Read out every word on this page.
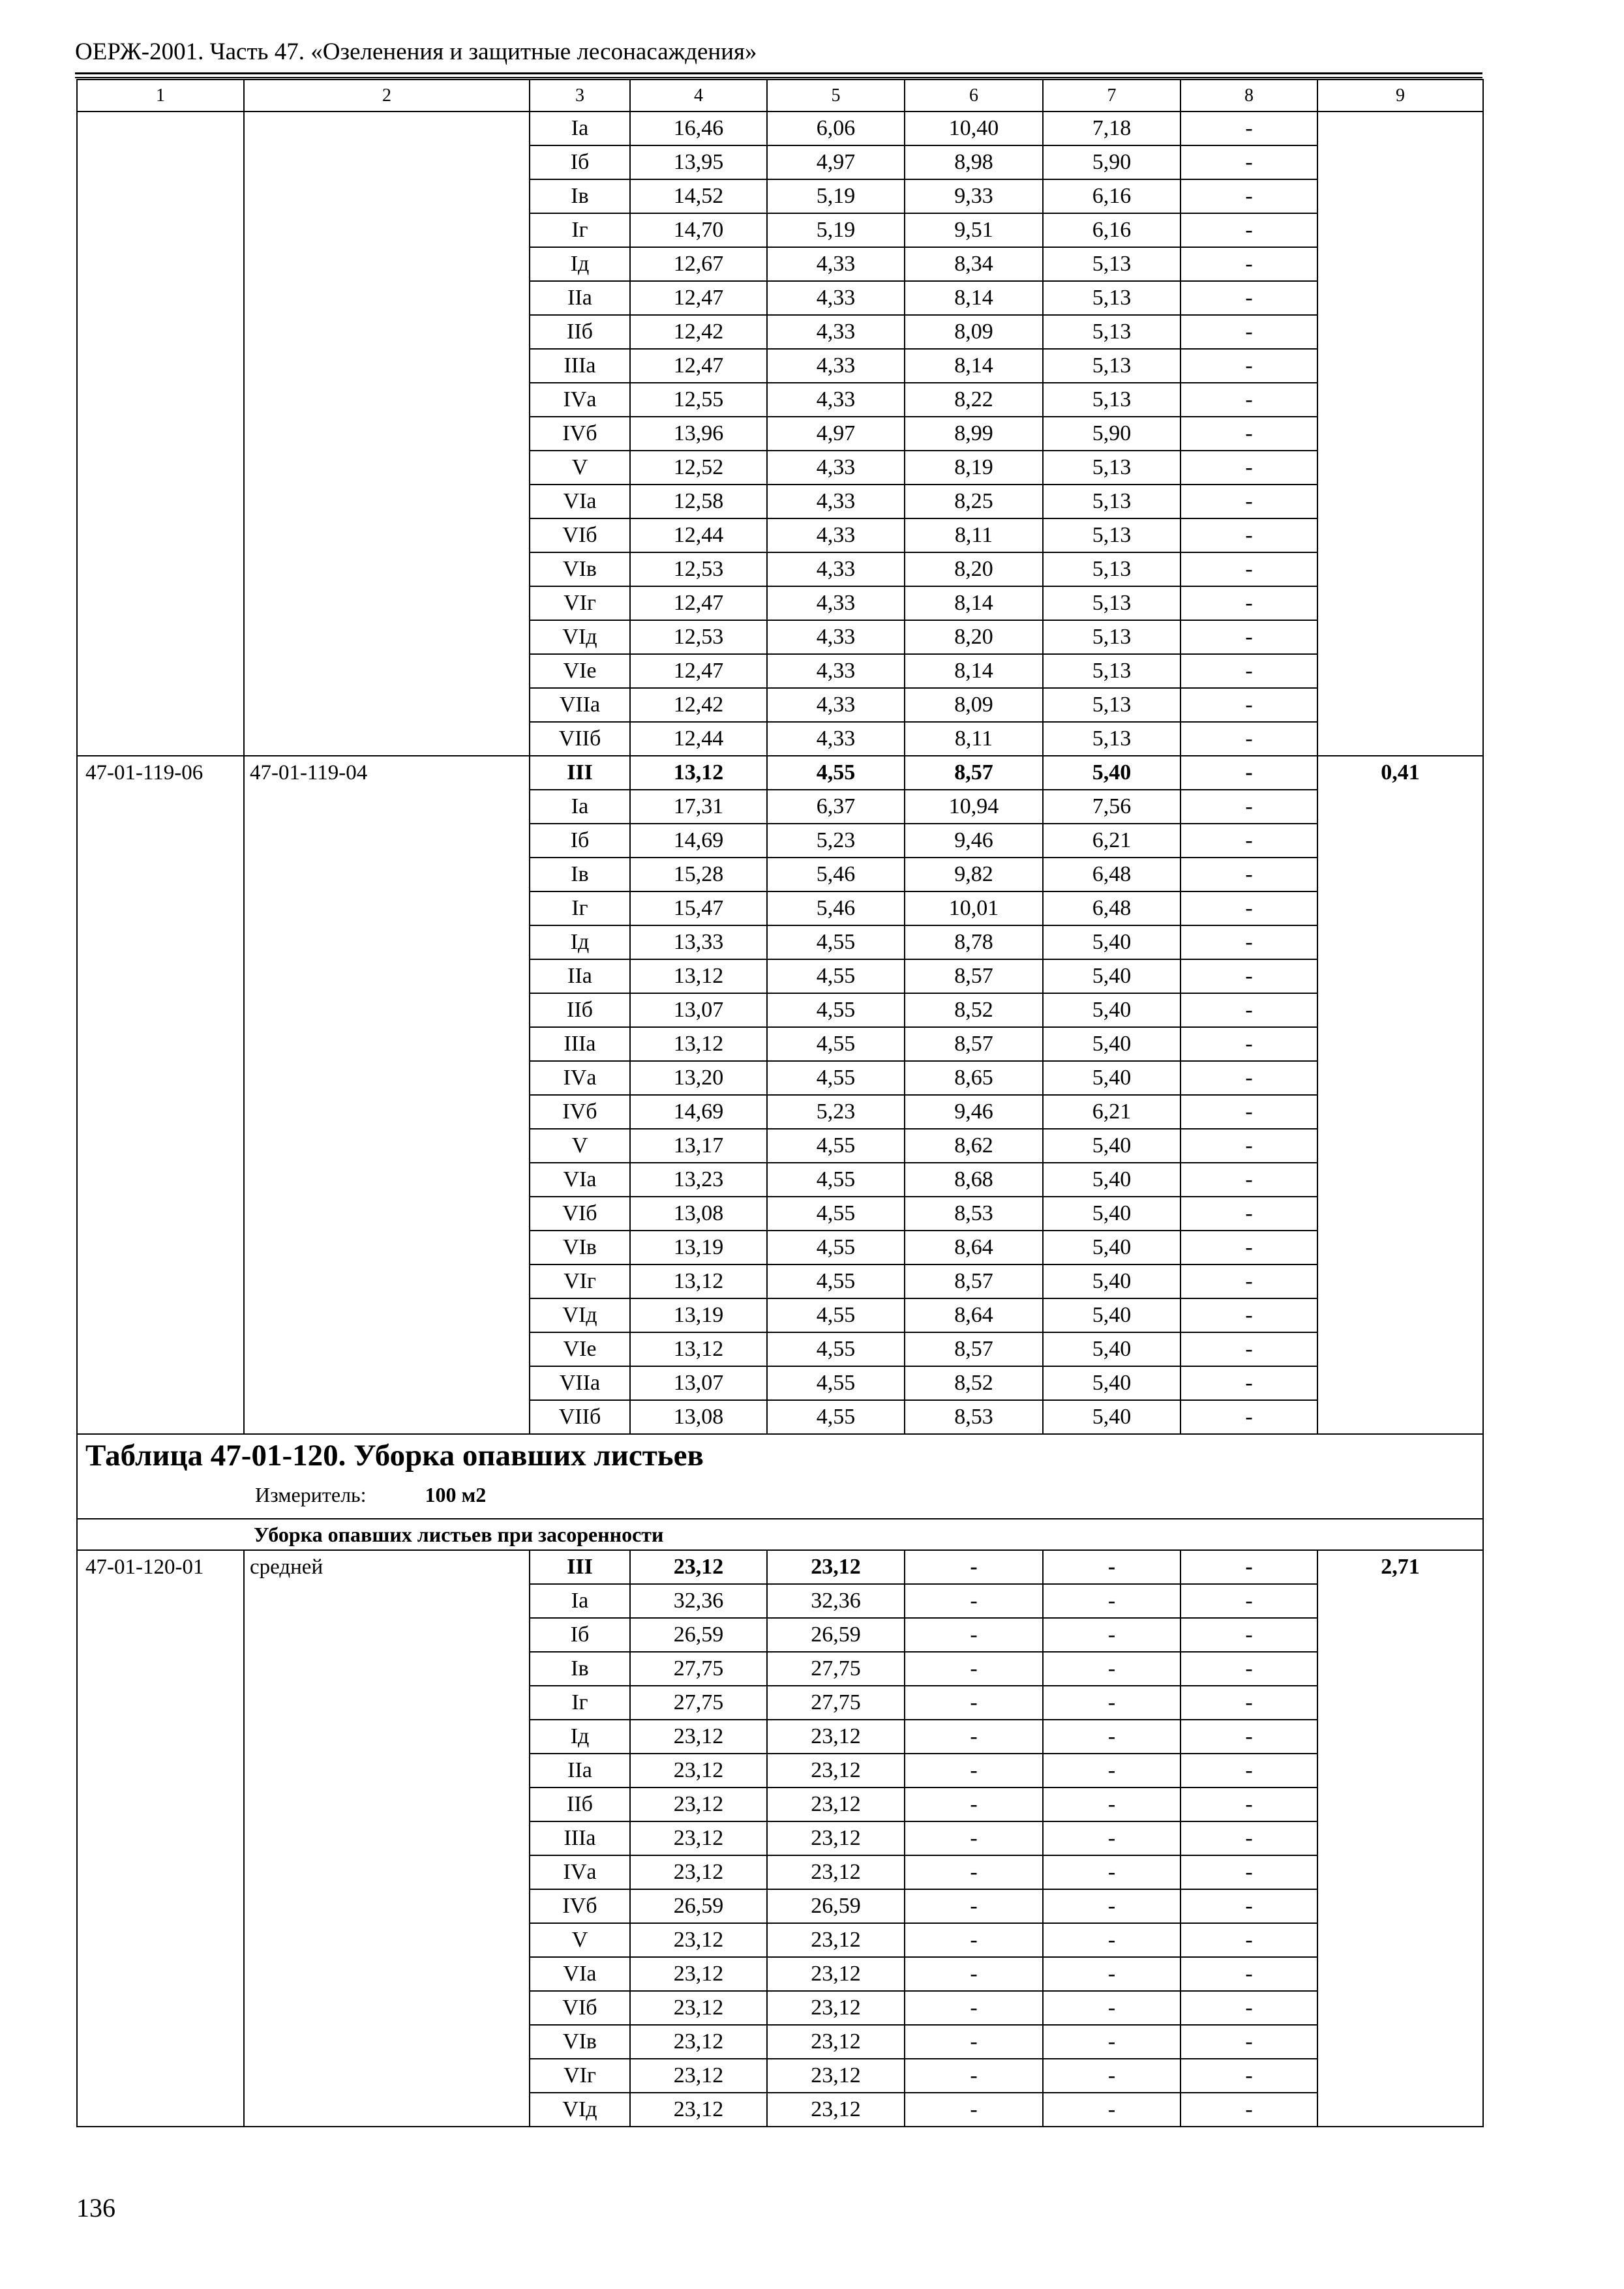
ОЕРЖ-2001. Часть 47. «Озеленения и защитные лесонасаждения»
1	2	3	4	5	6	7	8	9
		Iа	16,46	6,06	10,40	7,18	-	
		Iб	13,95	4,97	8,98	5,90	-	
		Iв	14,52	5,19	9,33	6,16	-	
		Iг	14,70	5,19	9,51	6,16	-	
		Iд	12,67	4,33	8,34	5,13	-	
		IIа	12,47	4,33	8,14	5,13	-	
		IIб	12,42	4,33	8,09	5,13	-	
		IIIа	12,47	4,33	8,14	5,13	-	
		IVа	12,55	4,33	8,22	5,13	-	
		IVб	13,96	4,97	8,99	5,90	-	
		V	12,52	4,33	8,19	5,13	-	
		VIа	12,58	4,33	8,25	5,13	-	
		VIб	12,44	4,33	8,11	5,13	-	
		VIв	12,53	4,33	8,20	5,13	-	
		VIг	12,47	4,33	8,14	5,13	-	
		VIд	12,53	4,33	8,20	5,13	-	
		VIе	12,47	4,33	8,14	5,13	-	
		VIIа	12,42	4,33	8,09	5,13	-	
		VIIб	12,44	4,33	8,11	5,13	-	
47-01-119-06	47-01-119-04	III	13,12	4,55	8,57	5,40	-	0,41
		Iа	17,31	6,37	10,94	7,56	-	
		Iб	14,69	5,23	9,46	6,21	-	
		Iв	15,28	5,46	9,82	6,48	-	
		Iг	15,47	5,46	10,01	6,48	-	
		Iд	13,33	4,55	8,78	5,40	-	
		IIа	13,12	4,55	8,57	5,40	-	
		IIб	13,07	4,55	8,52	5,40	-	
		IIIа	13,12	4,55	8,57	5,40	-	
		IVа	13,20	4,55	8,65	5,40	-	
		IVб	14,69	5,23	9,46	6,21	-	
		V	13,17	4,55	8,62	5,40	-	
		VIа	13,23	4,55	8,68	5,40	-	
		VIб	13,08	4,55	8,53	5,40	-	
		VIв	13,19	4,55	8,64	5,40	-	
		VIг	13,12	4,55	8,57	5,40	-	
		VIд	13,19	4,55	8,64	5,40	-	
		VIе	13,12	4,55	8,57	5,40	-	
		VIIа	13,07	4,55	8,52	5,40	-	
		VIIб	13,08	4,55	8,53	5,40	-	

Таблица 47-01-120. Уборка опавших листьев
Измеритель: 100 м2								

Уборка опавших листьев при засоренности								
47-01-120-01	средней	III	23,12	23,12	-	-	-	2,71
		Iа	32,36	32,36	-	-	-	
		Iб	26,59	26,59	-	-	-	
		Iв	27,75	27,75	-	-	-	
		Iг	27,75	27,75	-	-	-	
		Iд	23,12	23,12	-	-	-	
		IIа	23,12	23,12	-	-	-	
		IIб	23,12	23,12	-	-	-	
		IIIа	23,12	23,12	-	-	-	
		IVа	23,12	23,12	-	-	-	
		IVб	26,59	26,59	-	-	-	
		V	23,12	23,12	-	-	-	
		VIа	23,12	23,12	-	-	-	
		VIб	23,12	23,12	-	-	-	
		VIв	23,12	23,12	-	-	-	
		VIг	23,12	23,12	-	-	-	
		VIд	23,12	23,12	-	-	-	
136
